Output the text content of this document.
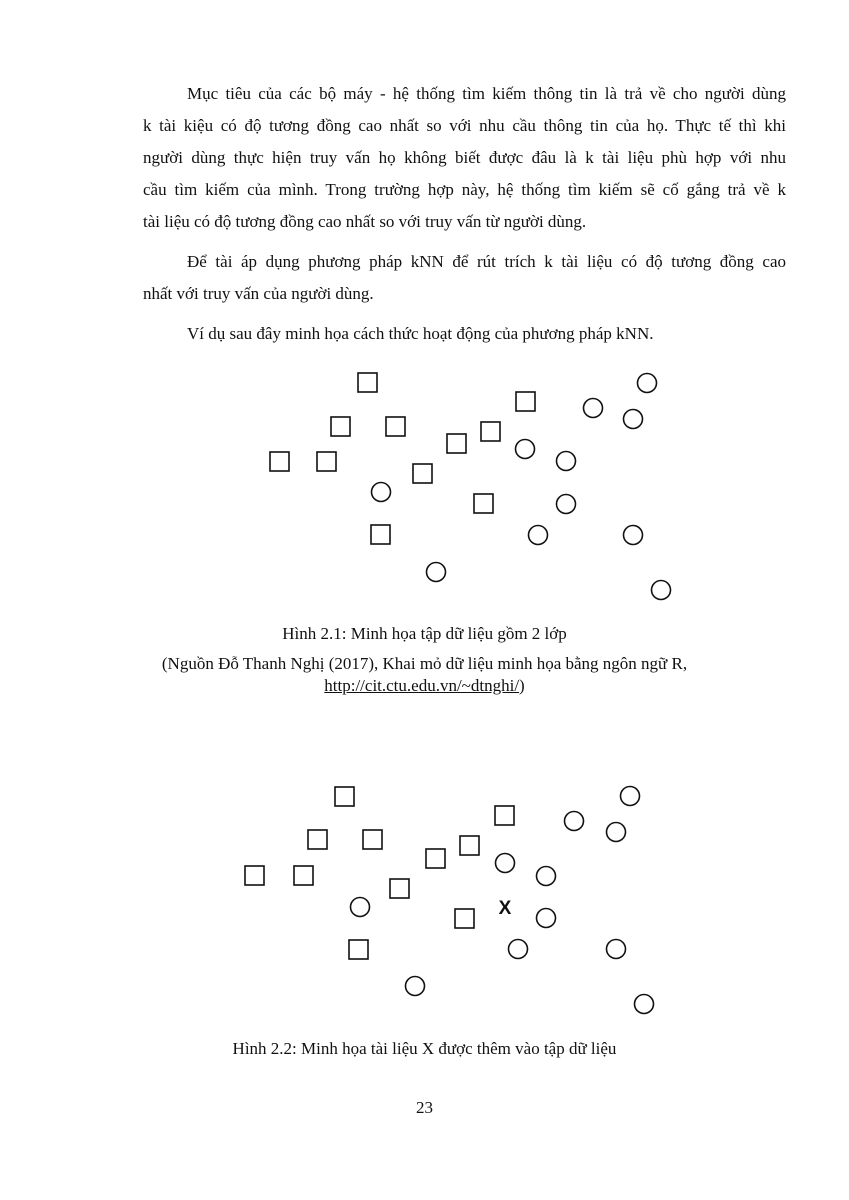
Mục tiêu của các bộ máy - hệ thống tìm kiếm thông tin là trả về cho người dùng
k tài kiệu có độ tương đồng cao nhất so với nhu cầu thông tin của họ. Thực tế thì khi
người dùng thực hiện truy vấn họ không biết được đâu là k tài liệu phù hợp với nhu
cầu tìm kiếm của mình. Trong trường hợp này, hệ thống tìm kiếm sẽ cố gắng trả về k
tài liệu có độ tương đồng cao nhất so với truy vấn từ người dùng.
Để tài áp dụng phương pháp kNN để rút trích k tài liệu có độ tương đồng cao
nhất với truy vấn của người dùng.
Ví dụ sau đây minh họa cách thức hoạt động của phương pháp kNN.
X
Hình 2.1: Minh họa tập dữ liệu gồm 2 lớp
(Nguồn Đỗ Thanh Nghị (2017), Khai mỏ dữ liệu minh họa bằng ngôn ngữ R,
http://cit.ctu.edu.vn/~dtnghi/)
Hình 2.2: Minh họa tài liệu X được thêm vào tập dữ liệu
23
